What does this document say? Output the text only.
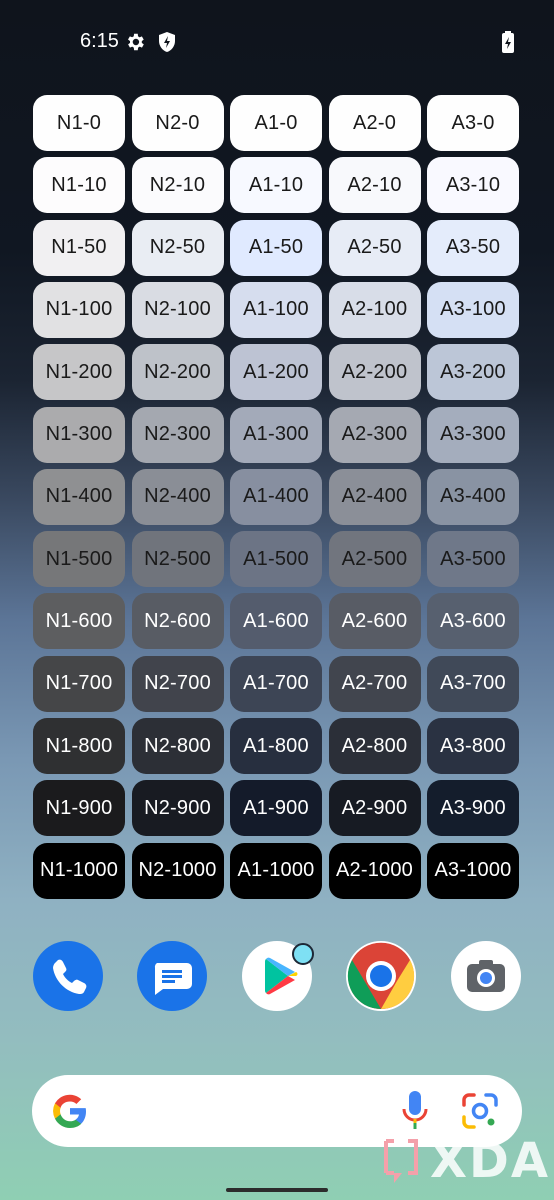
6:15
N1-0	N2-0	A1-0	A2-0	A3-0
N1-10	N2-10	A1-10	A2-10	A3-10
N1-50	N2-50	A1-50	A2-50	A3-50
N1-100	N2-100	A1-100	A2-100	A3-100
N1-200	N2-200	A1-200	A2-200	A3-200
N1-300	N2-300	A1-300	A2-300	A3-300
N1-400	N2-400	A1-400	A2-400	A3-400
N1-500	N2-500	A1-500	A2-500	A3-500
N1-600	N2-600	A1-600	A2-600	A3-600
N1-700	N2-700	A1-700	A2-700	A3-700
N1-800	N2-800	A1-800	A2-800	A3-800
N1-900	N2-900	A1-900	A2-900	A3-900
N1-1000	N2-1000	A1-1000	A2-1000	A3-1000
XDA
